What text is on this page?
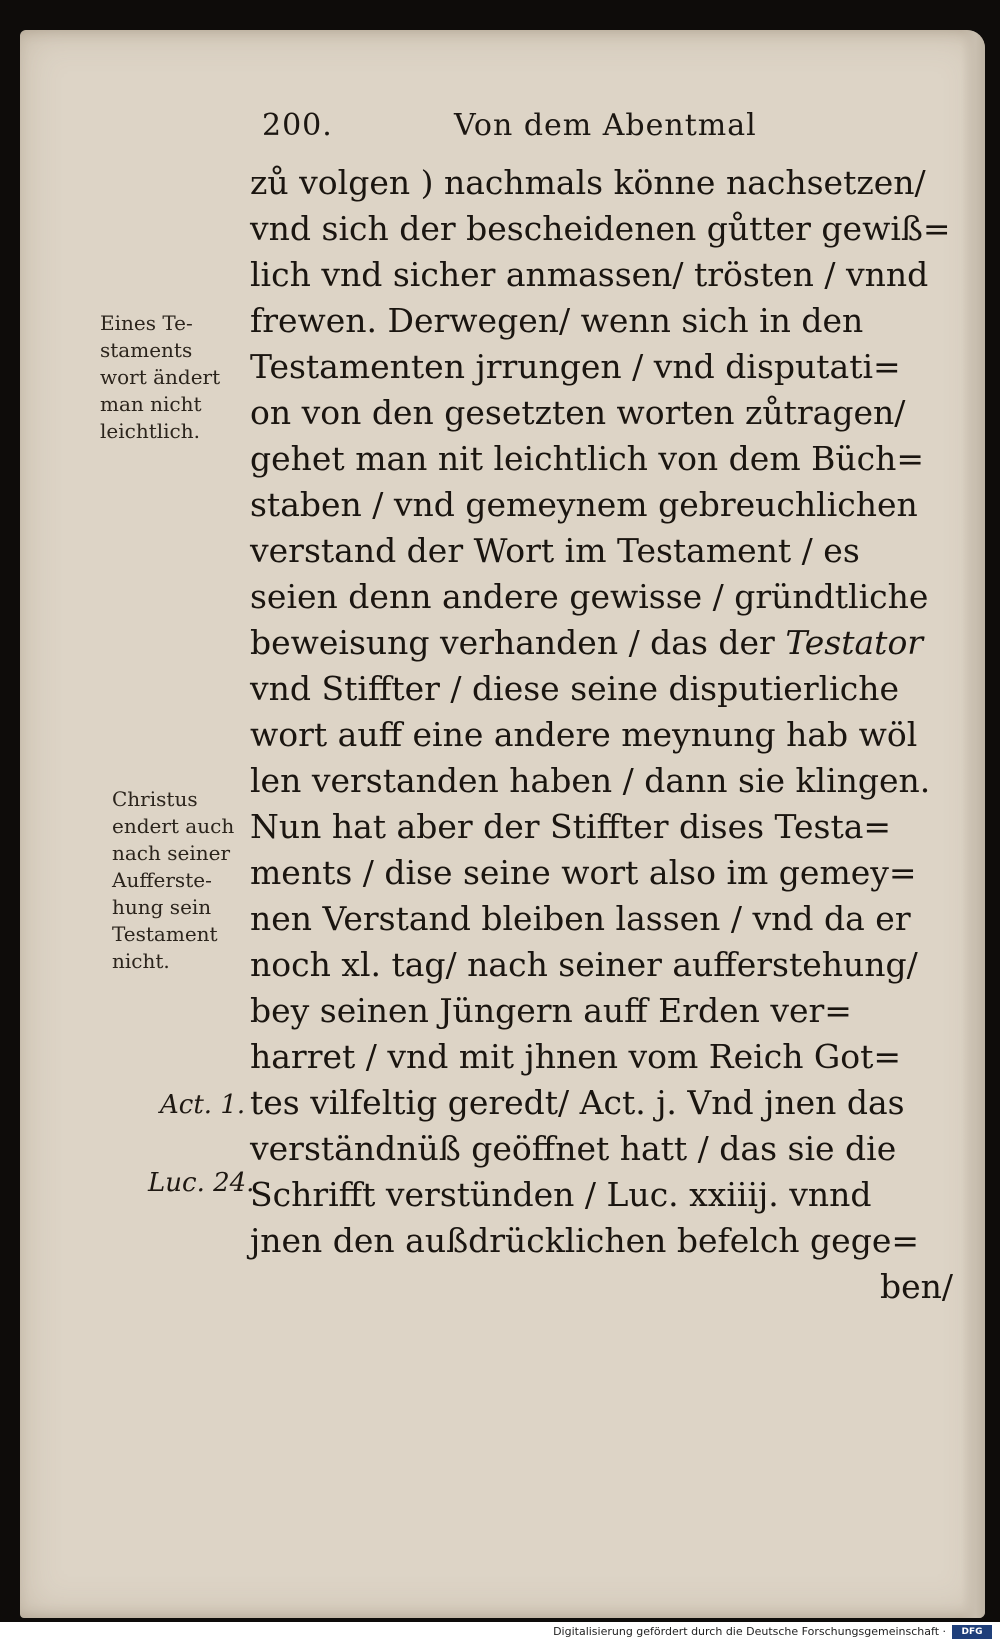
200.	Von dem Abentmal
zů volgen ) nachmals könne nachsetzen/
vnd sich der bescheidenen gůtter gewiß=
lich vnd sicher anmassen/ trösten / vnnd
frewen. Derwegen/ wenn sich in den
Testamenten jrrungen / vnd disputati=
on von den gesetzten worten zůtragen/
gehet man nit leichtlich von dem Büch=
staben / vnd gemeynem gebreuchlichen
verstand der Wort im Testament / es
seien denn andere gewisse / gründtliche
beweisung verhanden / das der Testator
vnd Stiffter / diese seine disputierliche
wort auff eine andere meynung hab wöl
len verstanden haben / dann sie klingen.
Nun hat aber der Stiffter dises Testa=
ments / dise seine wort also im gemey=
nen Verstand bleiben lassen / vnd da er
noch xl. tag/ nach seiner aufferstehung/
bey seinen Jüngern auff Erden ver=
harret / vnd mit jhnen vom Reich Got=
tes vilfeltig geredt/ Act. j. Vnd jnen das
verständnüß geöffnet hatt / das sie die
Schrifft verstünden / Luc. xxiiij. vnnd
jnen den außdrücklichen befelch gege=
ben/
Eines Te-
staments
wort ändert
man nicht
leichtlich.
Christus
endert auch
nach seiner
Aufferste-
hung sein
Testament
nicht.
Act. 1.
Luc. 24.
Digitalisierung gefördert durch die Deutsche Forschungsgemeinschaft ·	DFG
